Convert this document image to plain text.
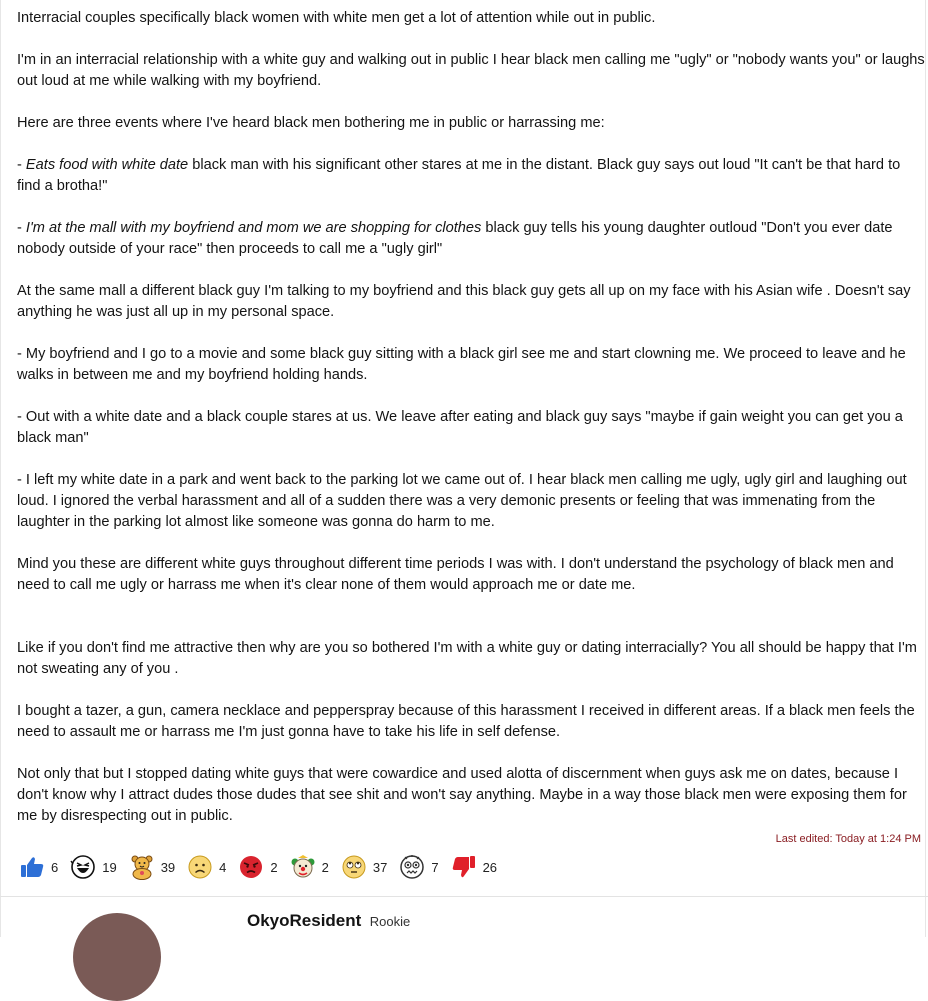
Interracial couples specifically black women with white men get a lot of attention while out in public.

I'm in an interracial relationship with a white guy and walking out in public I hear black men calling me "ugly" or "nobody wants you" or laughs out loud at me while walking with my boyfriend.

Here are three events where I've heard black men bothering me in public or harrassing me:

- Eats food with white date black man with his significant other stares at me in the distant. Black guy says out loud "It can't be that hard to find a brotha!"

- I'm at the mall with my boyfriend and mom we are shopping for clothes black guy tells his young daughter outloud "Don't you ever date nobody outside of your race" then proceeds to call me a "ugly girl"

At the same mall a different black guy I'm talking to my boyfriend and this black guy gets all up on my face with his Asian wife . Doesn't say anything he was just all up in my personal space.

- My boyfriend and I go to a movie and some black guy sitting with a black girl see me and start clowning me. We proceed to leave and he walks in between me and my boyfriend holding hands.

- Out with a white date and a black couple stares at us. We leave after eating and black guy says "maybe if gain weight you can get you a black man"

- I left my white date in a park and went back to the parking lot we came out of. I hear black men calling me ugly, ugly girl and laughing out loud. I ignored the verbal harassment and all of a sudden there was a very demonic presents or feeling that was immenating from the laughter in the parking lot almost like someone was gonna do harm to me.

Mind you these are different white guys throughout different time periods I was with. I don't understand the psychology of black men and need to call me ugly or harrass me when it's clear none of them would approach me or date me.

Like if you don't find me attractive then why are you so bothered I'm with a white guy or dating interracially? You all should be happy that I'm not sweating any of you .

I bought a tazer, a gun, camera necklace and pepperspray because of this harassment I received in different areas. If a black men feels the need to assault me or harrass me I'm just gonna have to take his life in self defense.

Not only that but I stopped dating white guys that were cowardice and used alotta of discernment when guys ask me on dates, because I don't know why I attract dudes those dudes that see shit and won't say anything. Maybe in a way those black men were exposing them for me by disrespecting out in public.

Last edited: Today at 1:24 PM
6	19	39	4	2	2	37	7	26
OkyoResident Rookie
